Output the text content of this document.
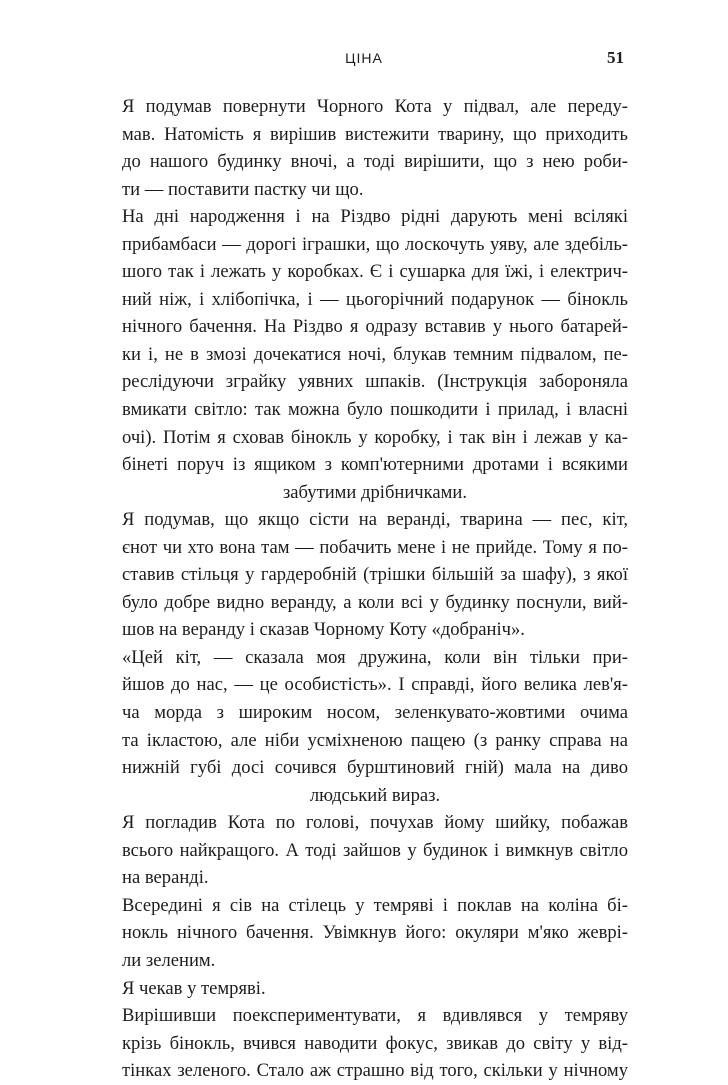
ЦІНА	51

Я подумав повернути Чорного Кота у підвал, але переду-
мав. Натомість я вирішив вистежити тварину, що приходить
до нашого будинку вночі, а тоді вирішити, що з нею роби-
ти — поставити пастку чи що.

На дні народження і на Різдво рідні дарують мені всілякі
прибамбаси — дорогі іграшки, що лоскочуть уяву, але здебіль-
шого так і лежать у коробках. Є і сушарка для їжі, і електрич-
ний ніж, і хлібопічка, і — цьогорічний подарунок — бінокль
нічного бачення. На Різдво я одразу вставив у нього батарей-
ки і, не в змозі дочекатися ночі, блукав темним підвалом, пе-
реслідуючи зграйку уявних шпаків. (Інструкція забороняла
вмикати світло: так можна було пошкодити і прилад, і власні
очі). Потім я сховав бінокль у коробку, і так він і лежав у ка-
бінеті поруч із ящиком з комп'ютерними дротами і всякими
забутими дрібничками.

Я подумав, що якщо сісти на веранді, тварина — пес, кіт,
єнот чи хто вона там — побачить мене і не прийде. Тому я по-
ставив стільця у гардеробній (трішки більшій за шафу), з якої
було добре видно веранду, а коли всі у будинку поснули, вий-
шов на веранду і сказав Чорному Коту «добраніч».

«Цей кіт, — сказала моя дружина, коли він тільки при-
йшов до нас, — це особистість». І справді, його велика лев'я-
ча морда з широким носом, зеленкувато-жовтими очима
та ікластою, але ніби усміхненою пащею (з ранку справа на
нижній губі досі сочився бурштиновий гній) мала на диво
людський вираз.

Я погладив Кота по голові, почухав йому шийку, побажав
всього найкращого. А тоді зайшов у будинок і вимкнув світло
на веранді.

Всередині я сів на стілець у темряві і поклав на коліна бі-
нокль нічного бачення. Увімкнув його: окуляри м'яко жеврі-
ли зеленим.

Я чекав у темряві.

Вирішивши поекспериментувати, я вдивлявся у темряву
крізь бінокль, вчився наводити фокус, звикав до світу у від-
тінках зеленого. Стало аж страшно від того, скільки у нічному
